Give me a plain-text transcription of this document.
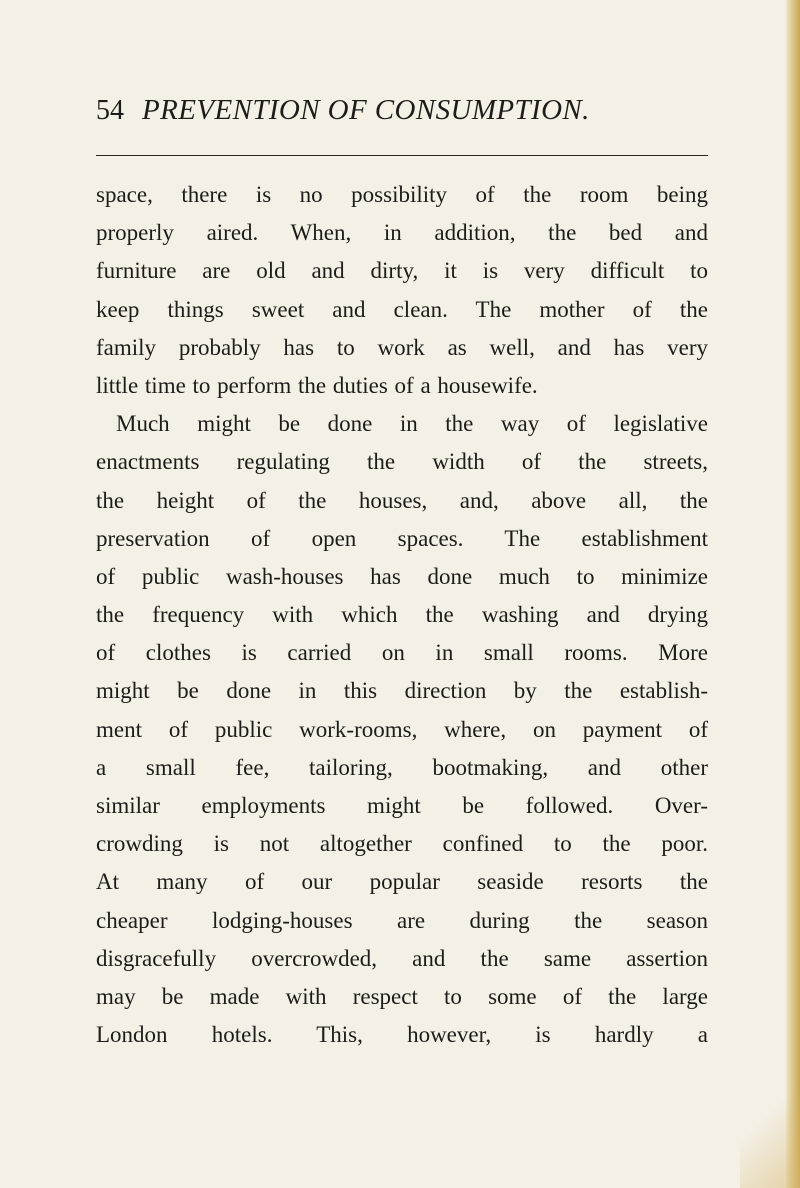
54 PREVENTION OF CONSUMPTION.
space, there is no possibility of the room being
properly aired. When, in addition, the bed and
furniture are old and dirty, it is very difficult to
keep things sweet and clean. The mother of the
family probably has to work as well, and has very
little time to perform the duties of a housewife.
Much might be done in the way of legislative
enactments regulating the width of the streets,
the height of the houses, and, above all, the
preservation of open spaces. The establishment
of public wash-houses has done much to minimize
the frequency with which the washing and drying
of clothes is carried on in small rooms. More
might be done in this direction by the establish-
ment of public work-rooms, where, on payment of
a small fee, tailoring, bootmaking, and other
similar employments might be followed. Over-
crowding is not altogether confined to the poor.
At many of our popular seaside resorts the
cheaper lodging-houses are during the season
disgracefully overcrowded, and the same assertion
may be made with respect to some of the large
London hotels. This, however, is hardly a
